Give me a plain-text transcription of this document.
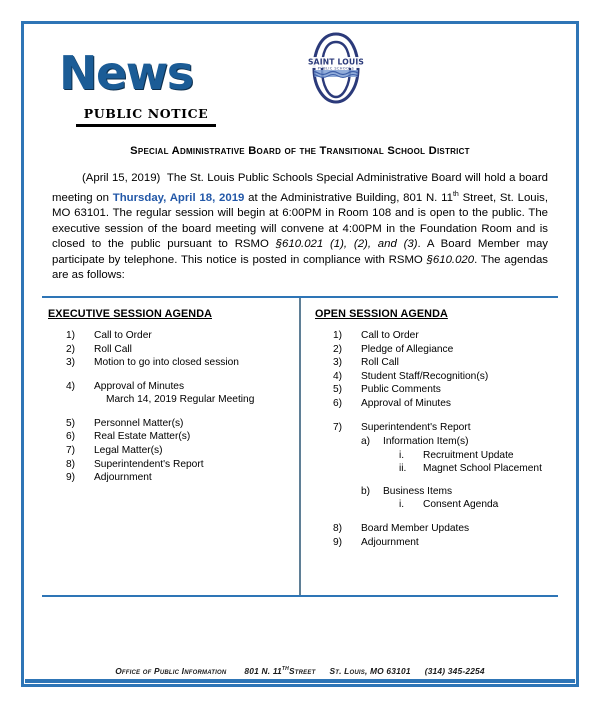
News
PUBLIC NOTICE
SAINT LOUIS
PUBLIC SCHOOLS
Special Administrative Board of the Transitional School District

(April 15, 2019) The St. Louis Public Schools Special Administrative Board will hold a board meeting on Thursday, April 18, 2019 at the Administrative Building, 801 N. 11th Street, St. Louis, MO 63101. The regular session will begin at 6:00PM in Room 108 and is open to the public. The executive session of the board meeting will convene at 4:00PM in the Foundation Room and is closed to the public pursuant to RSMO §610.021 (1), (2), and (3). A Board Member may participate by telephone. This notice is posted in compliance with RSMO §610.020. The agendas are as follows:

EXECUTIVE SESSION AGENDA
1)	Call to Order
2)	Roll Call
3)	Motion to go into closed session
4)	Approval of Minutes
March 14, 2019 Regular Meeting
5)	Personnel Matter(s)
6)	Real Estate Matter(s)
7)	Legal Matter(s)
8)	Superintendent's Report
9)	Adjournment
OPEN SESSION AGENDA
1)	Call to Order
2)	Pledge of Allegiance
3)	Roll Call
4)	Student Staff/Recognition(s)
5)	Public Comments
6)	Approval of Minutes
7)	Superintendent's Report
a)	Information Item(s)
i.	Recruitment Update
ii.	Magnet School Placement
b)	Business Items
i.	Consent Agenda
8)	Board Member Updates
9)	Adjournment
Office of Public Information 801 N. 11thStreet St. Louis, MO 63101 (314) 345-2254
